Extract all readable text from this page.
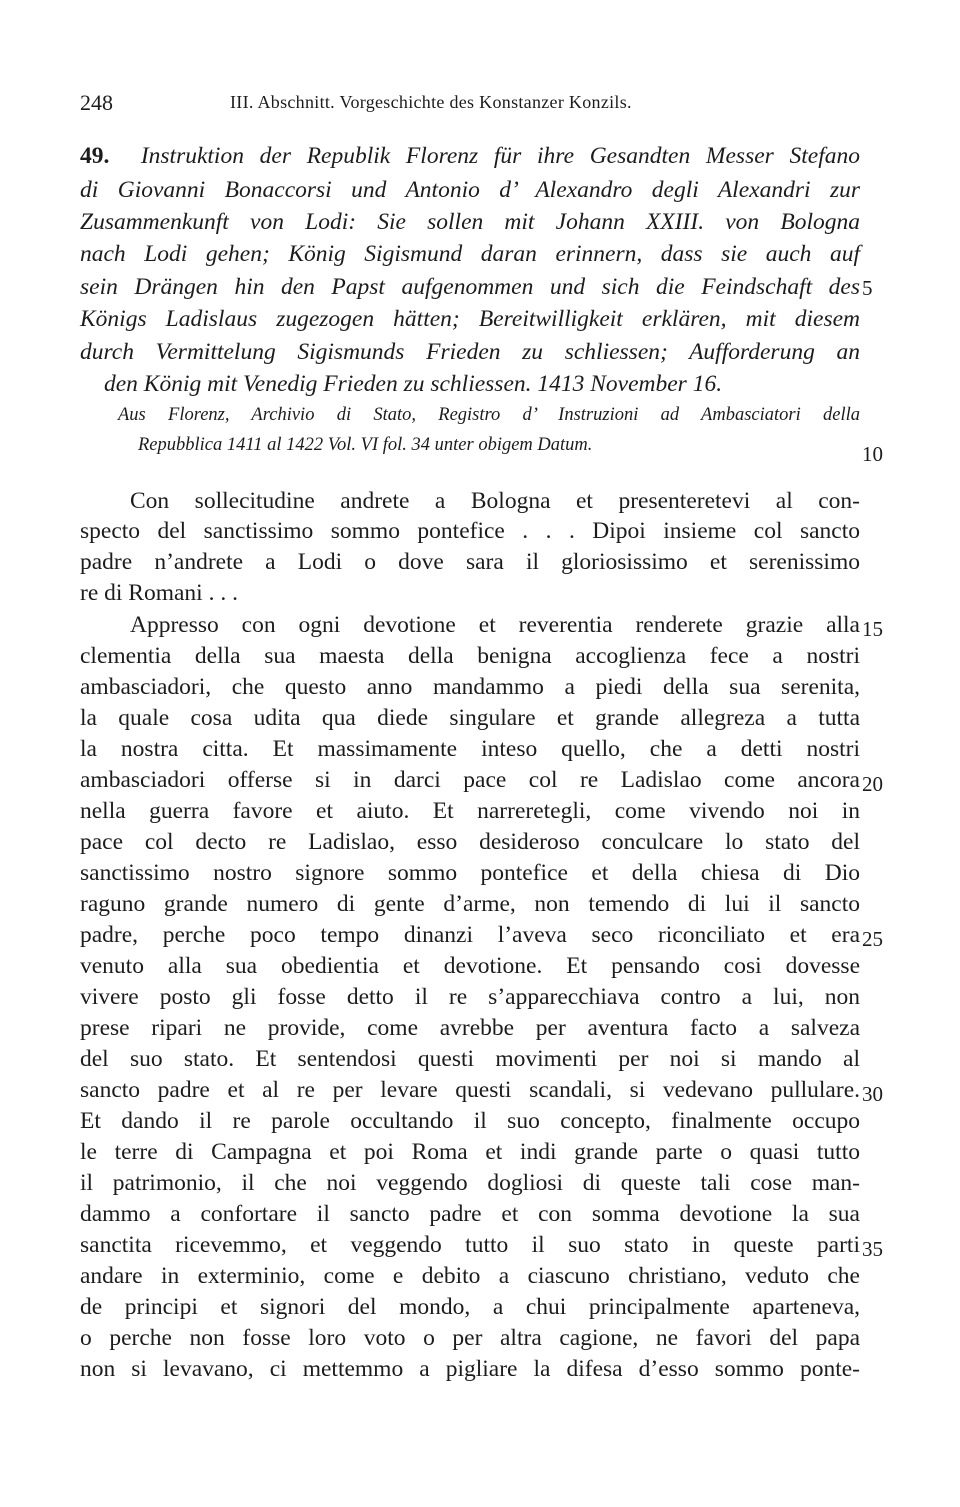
248	III. Abschnitt. Vorgeschichte des Konstanzer Konzils.
49. Instruktion der Republik Florenz für ihre Gesandten Messer Stefano
di Giovanni Bonaccorsi und Antonio d’ Alexandro degli Alexandri zur
Zusammenkunft von Lodi: Sie sollen mit Johann XXIII. von Bologna
nach Lodi gehen; König Sigismund daran erinnern, dass sie auch auf
sein Drängen hin den Papst aufgenommen und sich die Feindschaft des
Königs Ladislaus zugezogen hätten; Bereitwilligkeit erklären, mit diesem
durch Vermittelung Sigismunds Frieden zu schliessen; Aufforderung an
den König mit Venedig Frieden zu schliessen. 1413 November 16.
Aus Florenz, Archivio di Stato, Registro d’ Instruzioni ad Ambasciatori della
Repubblica 1411 al 1422 Vol. VI fol. 34 unter obigem Datum.
Con sollecitudine andrete a Bologna et presenteretevi al con-
specto del sanctissimo sommo pontefice . . . Dipoi insieme col sancto
padre n’andrete a Lodi o dove sara il gloriosissimo et serenissimo
re di Romani . . .
Appresso con ogni devotione et reverentia renderete grazie alla
clementia della sua maesta della benigna accoglienza fece a nostri
ambasciadori, che questo anno mandammo a piedi della sua serenita,
la quale cosa udita qua diede singulare et grande allegreza a tutta
la nostra citta. Et massimamente inteso quello, che a detti nostri
ambasciadori offerse si in darci pace col re Ladislao come ancora
nella guerra favore et aiuto. Et narreretegli, come vivendo noi in
pace col decto re Ladislao, esso desideroso conculcare lo stato del
sanctissimo nostro signore sommo pontefice et della chiesa di Dio
raguno grande numero di gente d’arme, non temendo di lui il sancto
padre, perche poco tempo dinanzi l’aveva seco riconciliato et era
venuto alla sua obedientia et devotione. Et pensando cosi dovesse
vivere posto gli fosse detto il re s’apparecchiava contro a lui, non
prese ripari ne provide, come avrebbe per aventura facto a salveza
del suo stato. Et sentendosi questi movimenti per noi si mando al
sancto padre et al re per levare questi scandali, si vedevano pullulare.
Et dando il re parole occultando il suo concepto, finalmente occupo
le terre di Campagna et poi Roma et indi grande parte o quasi tutto
il patrimonio, il che noi veggendo dogliosi di queste tali cose man-
dammo a confortare il sancto padre et con somma devotione la sua
sanctita ricevemmo, et veggendo tutto il suo stato in queste parti
andare in exterminio, come e debito a ciascuno christiano, veduto che
de principi et signori del mondo, a chui principalmente aparteneva,
o perche non fosse loro voto o per altra cagione, ne favori del papa
non si levavano, ci mettemmo a pigliare la difesa d’esso sommo ponte-
5
10
15
20
25
30
35
